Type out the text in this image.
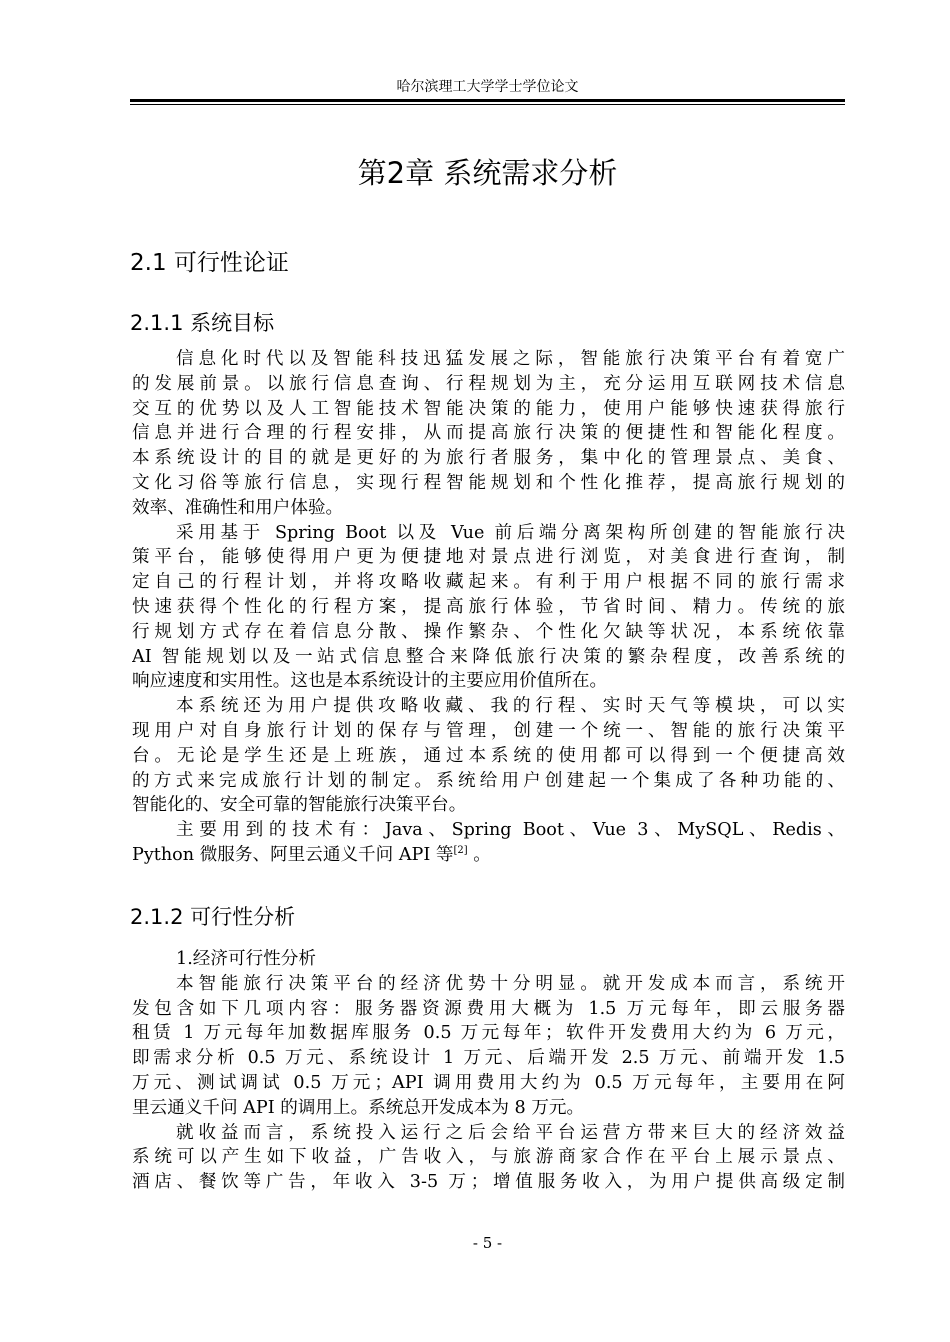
哈尔滨理工大学学士学位论文
第2章 系统需求分析
2.1 可行性论证
2.1.1 系统目标
信息化时代以及智能科技迅猛发展之际，智能旅行决策平台有着宽广
的发展前景。以旅行信息查询、行程规划为主，充分运用互联网技术信息
交互的优势以及人工智能技术智能决策的能力，使用户能够快速获得旅行
信息并进行合理的行程安排，从而提高旅行决策的便捷性和智能化程度。
本系统设计的目的就是更好的为旅行者服务，集中化的管理景点、美食、
文化习俗等旅行信息，实现行程智能规划和个性化推荐，提高旅行规划的
效率、准确性和用户体验。
采用基于 Spring Boot 以及 Vue 前后端分离架构所创建的智能旅行决
策平台，能够使得用户更为便捷地对景点进行浏览，对美食进行查询，制
定自己的行程计划，并将攻略收藏起来。有利于用户根据不同的旅行需求
快速获得个性化的行程方案，提高旅行体验，节省时间、精力。传统的旅
行规划方式存在着信息分散、操作繁杂、个性化欠缺等状况，本系统依靠
AI 智能规划以及一站式信息整合来降低旅行决策的繁杂程度，改善系统的
响应速度和实用性。这也是本系统设计的主要应用价值所在。
本系统还为用户提供攻略收藏、我的行程、实时天气等模块，可以实
现用户对自身旅行计划的保存与管理，创建一个统一、智能的旅行决策平
台。无论是学生还是上班族，通过本系统的使用都可以得到一个便捷高效
的方式来完成旅行计划的制定。系统给用户创建起一个集成了各种功能的、
智能化的、安全可靠的智能旅行决策平台。
主要用到的技术有：Java、Spring Boot、Vue 3、MySQL、Redis、
Python 微服务、阿里云通义千问 API 等[2] 。
2.1.2 可行性分析
1.经济可行性分析
本智能旅行决策平台的经济优势十分明显。就开发成本而言，系统开
发包含如下几项内容：服务器资源费用大概为 1.5 万元每年，即云服务器
租赁 1 万元每年加数据库服务 0.5 万元每年；软件开发费用大约为 6 万元，
即需求分析 0.5 万元、系统设计 1 万元、后端开发 2.5 万元、前端开发 1.5
万元、测试调试 0.5 万元；API 调用费用大约为 0.5 万元每年，主要用在阿
里云通义千问 API 的调用上。系统总开发成本为 8 万元。
就收益而言，系统投入运行之后会给平台运营方带来巨大的经济效益
系统可以产生如下收益，广告收入，与旅游商家合作在平台上展示景点、
酒店、餐饮等广告，年收入 3-5 万；增值服务收入，为用户提供高级定制
- 5 -
